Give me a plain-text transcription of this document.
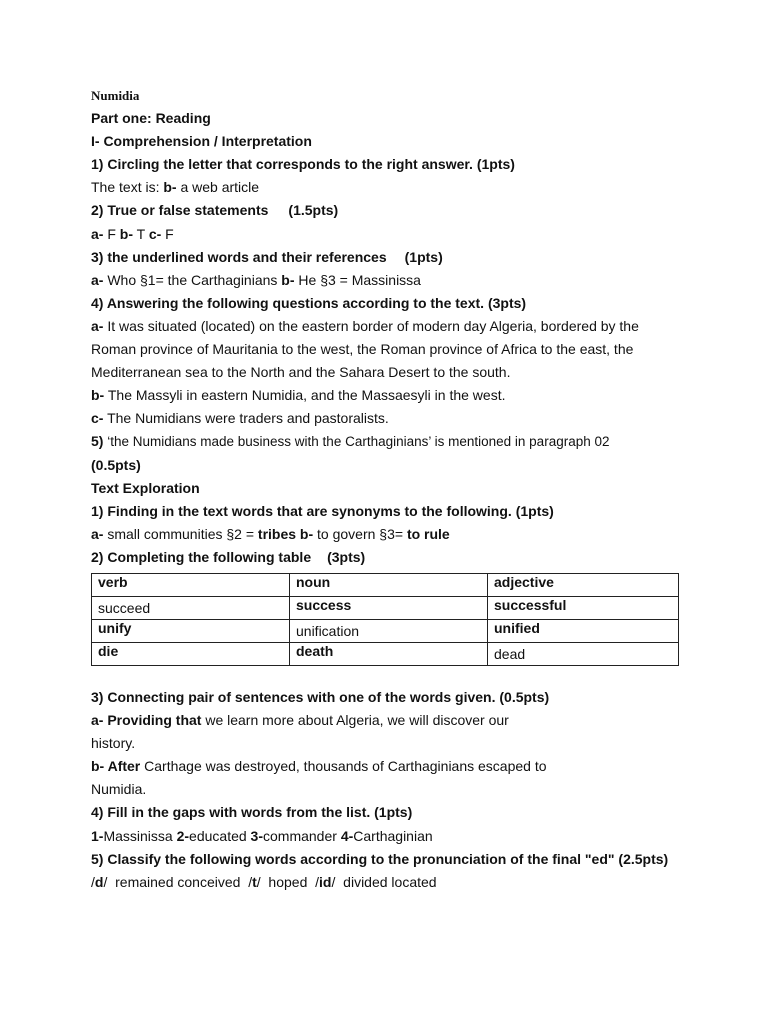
Numidia
Part one: Reading
I- Comprehension / Interpretation
1) Circling the letter that corresponds to the right answer. (1pts)
The text is: b- a web article
2) True or false statements (1.5pts)
a- F b- T c- F
3) the underlined words and their references (1pts)
a- Who §1= the Carthaginians b- He §3 = Massinissa
4) Answering the following questions according to the text. (3pts)
a- It was situated (located) on the eastern border of modern day Algeria, bordered by the
Roman province of Mauritania to the west, the Roman province of Africa to the east, the
Mediterranean sea to the North and the Sahara Desert to the south.
b- The Massyli in eastern Numidia, and the Massaesyli in the west.
c- The Numidians were traders and pastoralists.
5) ‘the Numidians made business with the Carthaginians’ is mentioned in paragraph 02
(0.5pts)
Text Exploration
1) Finding in the text words that are synonyms to the following. (1pts)
a- small communities §2 = tribes b- to govern §3= to rule
2) Completing the following table (3pts)
verb	noun	adjective
succeed	success	successful
unify	unification	unified
die	death	dead
3) Connecting pair of sentences with one of the words given. (0.5pts)
a- Providing that we learn more about Algeria, we will discover our
history.
b- After Carthage was destroyed, thousands of Carthaginians escaped to
Numidia.
4) Fill in the gaps with words from the list. (1pts)
1-Massinissa 2-educated 3-commander 4-Carthaginian
5) Classify the following words according to the pronunciation of the final "ed" (2.5pts)
/d/  remained conceived  /t/  hoped  /id/  divided located
